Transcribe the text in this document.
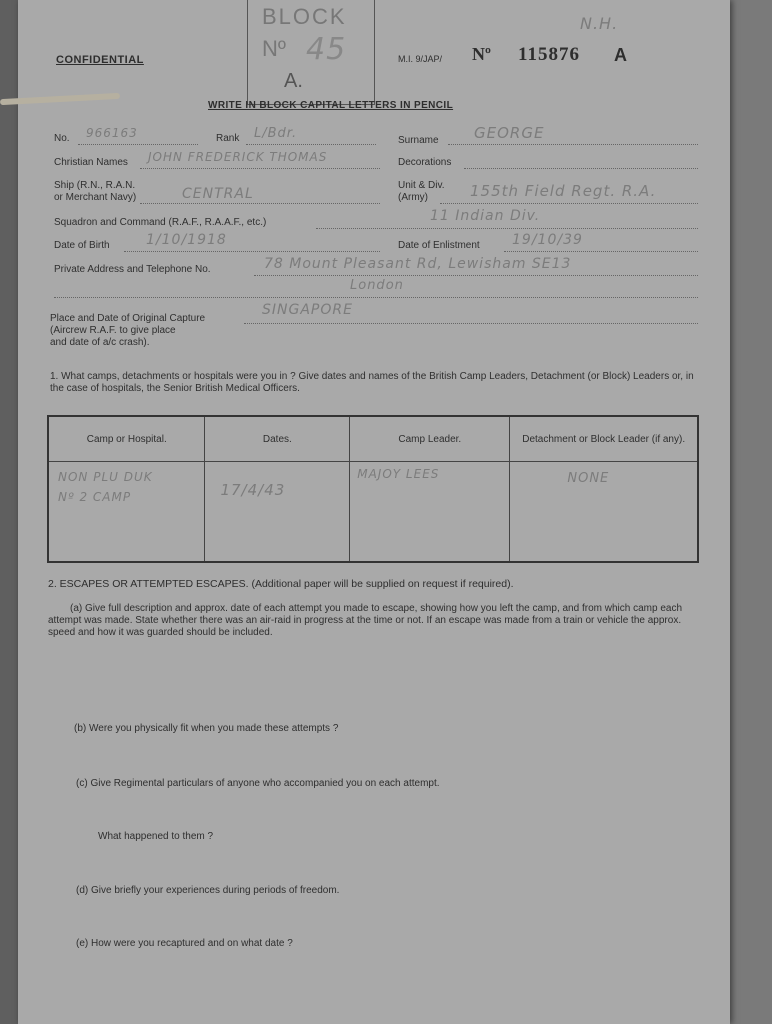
BLOCK
Nº 45
A.
CONFIDENTIAL	M.I. 9/JAP/ Nº 115876 A
N.H.
WRITE IN BLOCK CAPITAL LETTERS IN PENCIL
No. 966163	Rank L/Bdr.	Surname GEORGE
Christian Names JOHN FREDERICK THOMAS	Decorations
Ship (R.N., R.A.N.
or Merchant Navy)	CENTRAL
Unit & Div.
(Army)	155th Field Regt. R.A.
Squadron and Command (R.A.F., R.A.A.F., etc.)	11 Indian Div.
Date of Birth	1/10/1918	Date of Enlistment 19/10/39
Private Address and Telephone No.	78 Mount Pleasant Rd, Lewisham SE13
London
Place and Date of Original Capture
(Aircrew R.A.F. to give place
and date of a/c crash).
SINGAPORE
1. What camps, detachments or hospitals were you in ? Give dates and names of the British Camp Leaders, Detachment (or Block) Leaders or, in the case of hospitals, the Senior British Medical Officers.
Camp or Hospital.	Dates.	Camp Leader.	Detachment or Block Leader (if any).

NON PLU DUK
Nº 2 CAMP	17/4/43	MAJOY LEES	NONE
2. ESCAPES OR ATTEMPTED ESCAPES. (Additional paper will be supplied on request if required).
(a) Give full description and approx. date of each attempt you made to escape, showing how you left the camp, and from which camp each attempt was made. State whether there was an air-raid in progress at the time or not. If an escape was made from a train or vehicle the approx. speed and how it was guarded should be included.
(b) Were you physically fit when you made these attempts ?
(c) Give Regimental particulars of anyone who accompanied you on each attempt.
What happened to them ?
(d) Give briefly your experiences during periods of freedom.
(e) How were you recaptured and on what date ?
